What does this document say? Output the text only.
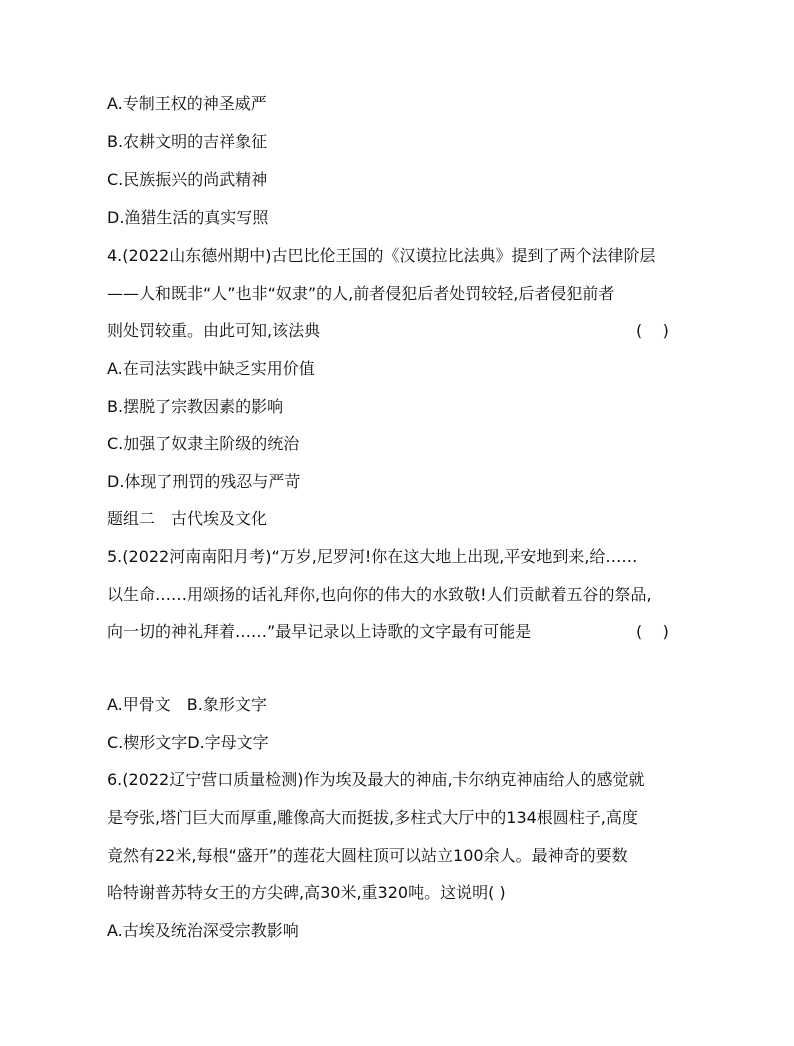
A.专制王权的神圣威严
B.农耕文明的吉祥象征
C.民族振兴的尚武精神
D.渔猎生活的真实写照
4.(2022山东德州期中)古巴比伦王国的《汉谟拉比法典》提到了两个法律阶层
——人和既非“人”也非“奴隶”的人,前者侵犯后者处罚较轻,后者侵犯前者
则处罚较重。由此可知,该法典	(    )
A.在司法实践中缺乏实用价值
B.摆脱了宗教因素的影响
C.加强了奴隶主阶级的统治
D.体现了刑罚的残忍与严苛
题组二　古代埃及文化
5.(2022河南南阳月考)“万岁,尼罗河!你在这大地上出现,平安地到来,给……
以生命……用颂扬的话礼拜你,也向你的伟大的水致敬!人们贡献着五谷的祭品,
向一切的神礼拜着……”最早记录以上诗歌的文字最有可能是	(    )
A.甲骨文　B.象形文字
C.楔形文字D.字母文字
6.(2022辽宁营口质量检测)作为埃及最大的神庙,卡尔纳克神庙给人的感觉就
是夸张,塔门巨大而厚重,雕像高大而挺拔,多柱式大厅中的134根圆柱子,高度
竟然有22米,每根“盛开”的莲花大圆柱顶可以站立100余人。最神奇的要数
哈特谢普苏特女王的方尖碑,高30米,重320吨。这说明( )
A.古埃及统治深受宗教影响
